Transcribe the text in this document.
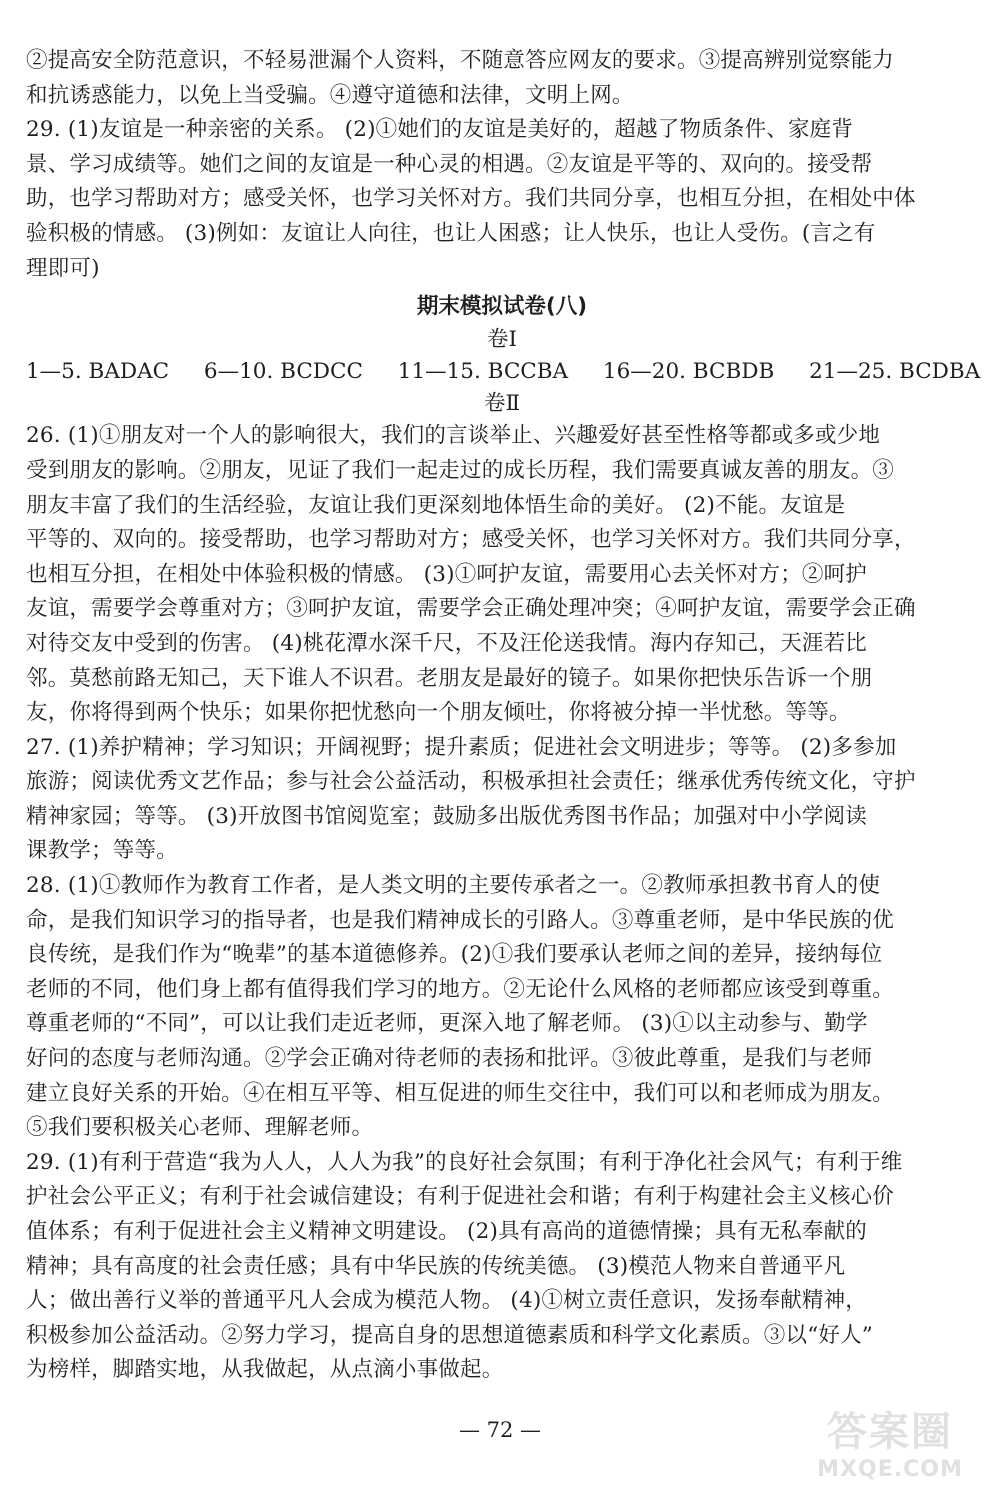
②提高安全防范意识，不轻易泄漏个人资料，不随意答应网友的要求。③提高辨别觉察能力
和抗诱惑能力，以免上当受骗。④遵守道德和法律，文明上网。

29. (1)友谊是一种亲密的关系。 (2)①她们的友谊是美好的，超越了物质条件、家庭背
景、学习成绩等。她们之间的友谊是一种心灵的相遇。②友谊是平等的、双向的。接受帮
助，也学习帮助对方；感受关怀，也学习关怀对方。我们共同分享，也相互分担，在相处中体
验积极的情感。 (3)例如：友谊让人向往，也让人困惑；让人快乐，也让人受伤。(言之有
理即可)

期末模拟试卷(八)

卷Ⅰ

1—5. BADAC 6—10. BCDCC 11—15. BCCBA 16—20. BCBDB 21—25. BCDBA

卷Ⅱ

26. (1)①朋友对一个人的影响很大，我们的言谈举止、兴趣爱好甚至性格等都或多或少地
受到朋友的影响。②朋友，见证了我们一起走过的成长历程，我们需要真诚友善的朋友。③
朋友丰富了我们的生活经验，友谊让我们更深刻地体悟生命的美好。 (2)不能。友谊是
平等的、双向的。接受帮助，也学习帮助对方；感受关怀，也学习关怀对方。我们共同分享，
也相互分担，在相处中体验积极的情感。 (3)①呵护友谊，需要用心去关怀对方；②呵护
友谊，需要学会尊重对方；③呵护友谊，需要学会正确处理冲突；④呵护友谊，需要学会正确
对待交友中受到的伤害。 (4)桃花潭水深千尺，不及汪伦送我情。海内存知己，天涯若比
邻。莫愁前路无知己，天下谁人不识君。老朋友是最好的镜子。如果你把快乐告诉一个朋
友，你将得到两个快乐；如果你把忧愁向一个朋友倾吐，你将被分掉一半忧愁。等等。

27. (1)养护精神；学习知识；开阔视野；提升素质；促进社会文明进步；等等。 (2)多参加
旅游；阅读优秀文艺作品；参与社会公益活动，积极承担社会责任；继承优秀传统文化，守护
精神家园；等等。 (3)开放图书馆阅览室；鼓励多出版优秀图书作品；加强对中小学阅读
课教学；等等。

28. (1)①教师作为教育工作者，是人类文明的主要传承者之一。②教师承担教书育人的使
命，是我们知识学习的指导者，也是我们精神成长的引路人。③尊重老师，是中华民族的优
良传统，是我们作为“晚辈”的基本道德修养。(2)①我们要承认老师之间的差异，接纳每位
老师的不同，他们身上都有值得我们学习的地方。②无论什么风格的老师都应该受到尊重。
尊重老师的“不同”，可以让我们走近老师，更深入地了解老师。 (3)①以主动参与、勤学
好问的态度与老师沟通。②学会正确对待老师的表扬和批评。③彼此尊重，是我们与老师
建立良好关系的开始。④在相互平等、相互促进的师生交往中，我们可以和老师成为朋友。
⑤我们要积极关心老师、理解老师。

29. (1)有利于营造“我为人人，人人为我”的良好社会氛围；有利于净化社会风气；有利于维
护社会公平正义；有利于社会诚信建设；有利于促进社会和谐；有利于构建社会主义核心价
值体系；有利于促进社会主义精神文明建设。 (2)具有高尚的道德情操；具有无私奉献的
精神；具有高度的社会责任感；具有中华民族的传统美德。 (3)模范人物来自普通平凡
人；做出善行义举的普通平凡人会成为模范人物。 (4)①树立责任意识，发扬奉献精神，
积极参加公益活动。②努力学习，提高自身的思想道德素质和科学文化素质。③以“好人”
为榜样，脚踏实地，从我做起，从点滴小事做起。

— 72 —	答案圈
MXQE.COM
